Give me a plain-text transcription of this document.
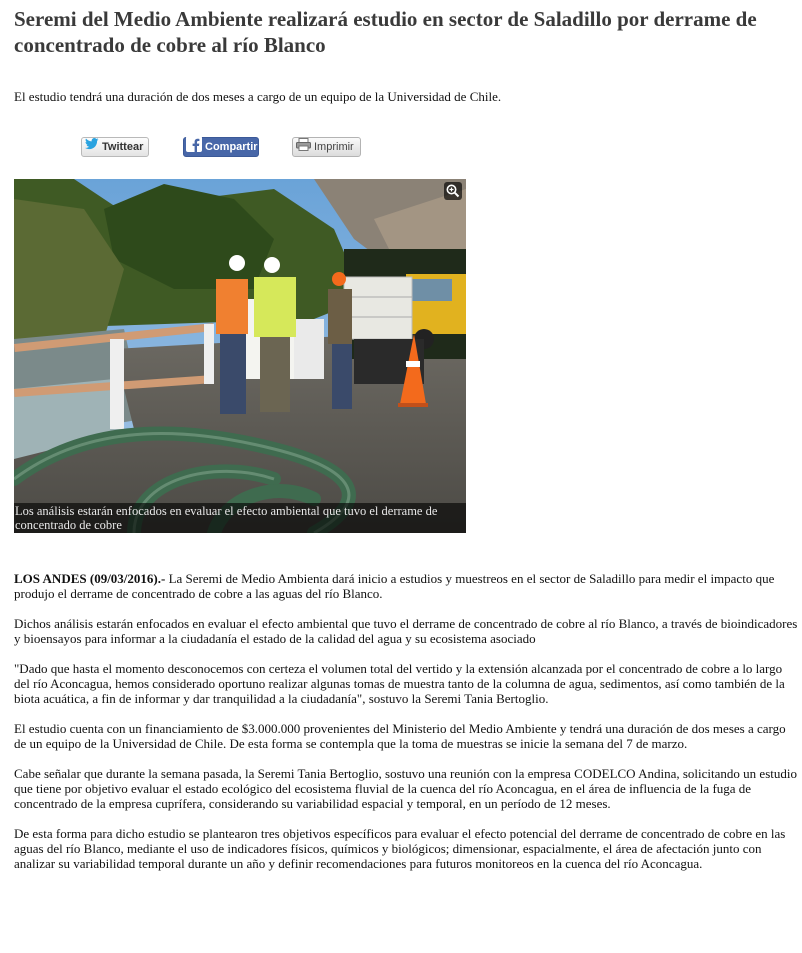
Seremi del Medio Ambiente realizará estudio en sector de Saladillo por derrame de concentrado de cobre al río Blanco

El estudio tendrá una duración de dos meses a cargo de un equipo de la Universidad de Chile.

Twittear	Compartir	Imprimir
Los análisis estarán enfocados en evaluar el efecto ambiental que tuvo el derrame de concentrado de cobre

LOS ANDES (09/03/2016).- La Seremi de Medio Ambienta dará inicio a estudios y muestreos en el sector de Saladillo para medir el impacto que produjo el derrame de concentrado de cobre a las aguas del río Blanco.

Dichos análisis estarán enfocados en evaluar el efecto ambiental que tuvo el derrame de concentrado de cobre al río Blanco, a través de bioindicadores y bioensayos para informar a la ciudadanía el estado de la calidad del agua y su ecosistema asociado

"Dado que hasta el momento desconocemos con certeza el volumen total del vertido y la extensión alcanzada por el concentrado de cobre a lo largo del río Aconcagua, hemos considerado oportuno realizar algunas tomas de muestra tanto de la columna de agua, sedimentos, así como también de la biota acuática, a fin de informar y dar tranquilidad a la ciudadanía", sostuvo la Seremi Tania Bertoglio.

El estudio cuenta con un financiamiento de $3.000.000 provenientes del Ministerio del Medio Ambiente y tendrá una duración de dos meses a cargo de un equipo de la Universidad de Chile. De esta forma se contempla que la toma de muestras se inicie la semana del 7 de marzo.

Cabe señalar que durante la semana pasada, la Seremi Tania Bertoglio, sostuvo una reunión con la empresa CODELCO Andina, solicitando un estudio que tiene por objetivo evaluar el estado ecológico del ecosistema fluvial de la cuenca del río Aconcagua, en el área de influencia de la fuga de concentrado de la empresa cuprífera, considerando su variabilidad espacial y temporal, en un período de 12 meses.

De esta forma para dicho estudio se plantearon tres objetivos específicos para evaluar el efecto potencial del derrame de concentrado de cobre en las aguas del río Blanco, mediante el uso de indicadores físicos, químicos y biológicos; dimensionar, espacialmente, el área de afectación junto con analizar su variabilidad temporal durante un año y definir recomendaciones para futuros monitoreos en la cuenca del río Aconcagua.
